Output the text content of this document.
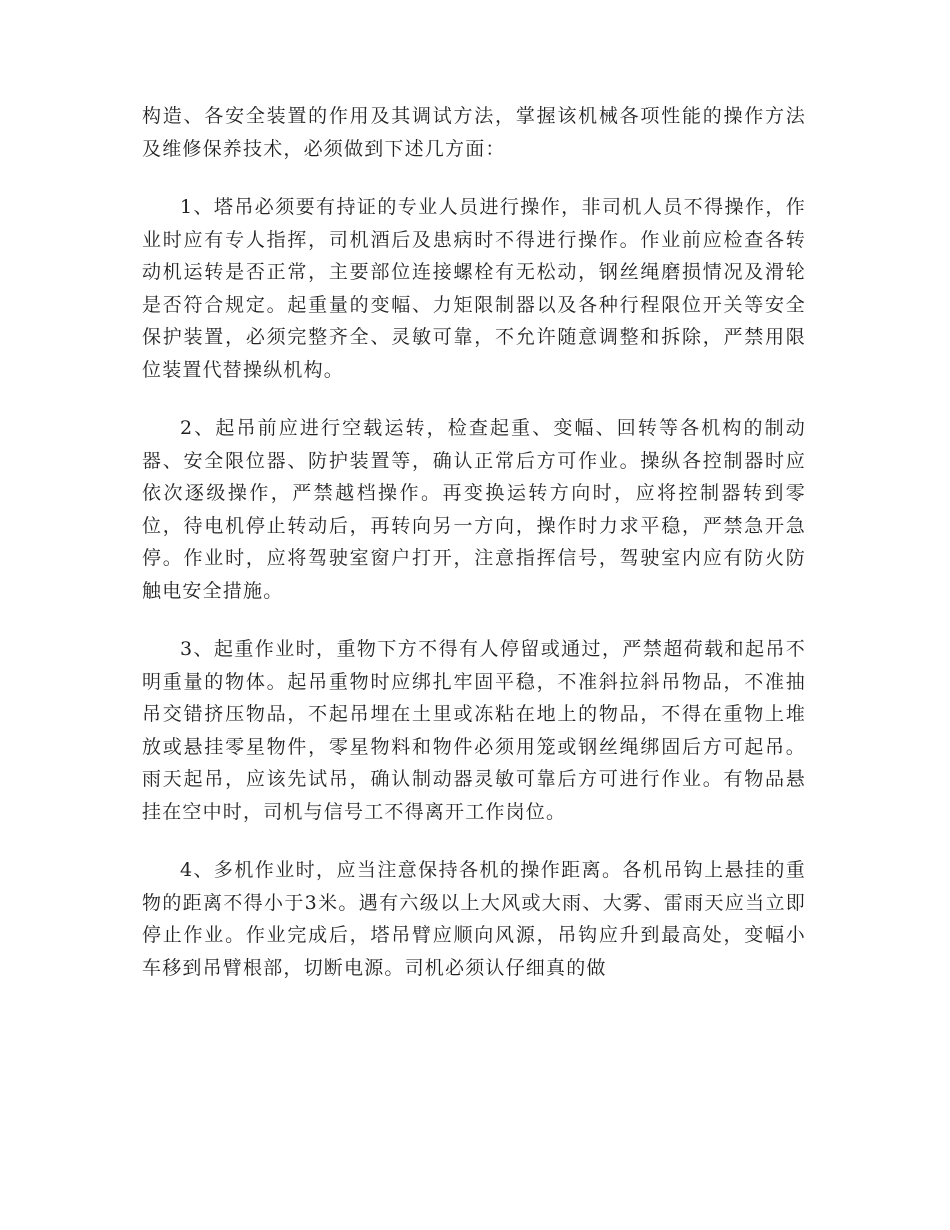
构造、各安全装置的作用及其调试方法，掌握该机械各项性能的操作方法及维修保养技术，必须做到下述几方面：

1、塔吊必须要有持证的专业人员进行操作，非司机人员不得操作，作业时应有专人指挥，司机酒后及患病时不得进行操作。作业前应检查各转动机运转是否正常，主要部位连接螺栓有无松动，钢丝绳磨损情况及滑轮是否符合规定。起重量的变幅、力矩限制器以及各种行程限位开关等安全保护装置，必须完整齐全、灵敏可靠，不允许随意调整和拆除，严禁用限位装置代替操纵机构。

2、起吊前应进行空载运转，检查起重、变幅、回转等各机构的制动器、安全限位器、防护装置等，确认正常后方可作业。操纵各控制器时应依次逐级操作，严禁越档操作。再变换运转方向时，应将控制器转到零位，待电机停止转动后，再转向另一方向，操作时力求平稳，严禁急开急停。作业时，应将驾驶室窗户打开，注意指挥信号，驾驶室内应有防火防触电安全措施。

3、起重作业时，重物下方不得有人停留或通过，严禁超荷载和起吊不明重量的物体。起吊重物时应绑扎牢固平稳，不准斜拉斜吊物品，不准抽吊交错挤压物品，不起吊埋在土里或冻粘在地上的物品，不得在重物上堆放或悬挂零星物件，零星物料和物件必须用笼或钢丝绳绑固后方可起吊。雨天起吊，应该先试吊，确认制动器灵敏可靠后方可进行作业。有物品悬挂在空中时，司机与信号工不得离开工作岗位。

4、多机作业时，应当注意保持各机的操作距离。各机吊钩上悬挂的重物的距离不得小于3米。遇有六级以上大风或大雨、大雾、雷雨天应当立即停止作业。作业完成后，塔吊臂应顺向风源，吊钩应升到最高处，变幅小车移到吊臂根部，切断电源。司机必须认仔细真的做
